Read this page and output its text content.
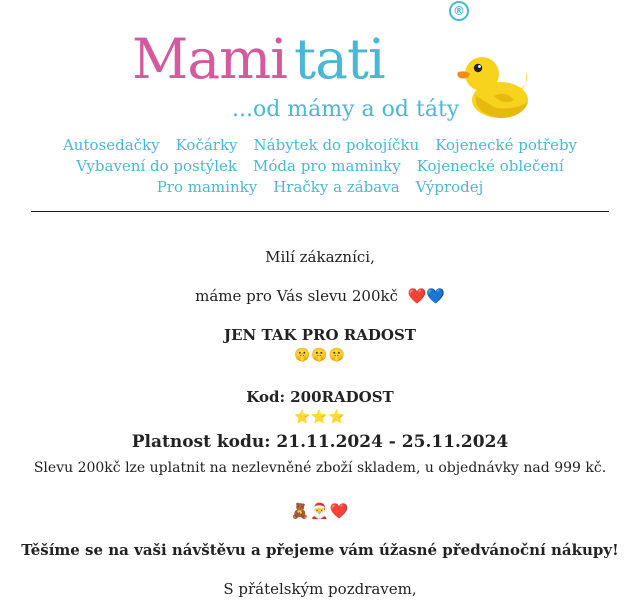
Mami tati
...od mámy a od táty
®
Autosedačky Kočárky Nábytek do pokojíčku Kojenecké potřeby
Vybavení do postýlek Móda pro maminky Kojenecké oblečení
Pro maminky Hračky a zábava Výprodej
Milí zákazníci,
máme pro Vás slevu 200kč ❤️💙
JEN TAK PRO RADOST
🤫🤫🤫
Kod: 200RADOST
⭐⭐⭐
Platnost kodu: 21.11.2024 - 25.11.2024
Slevu 200kč lze uplatnit na nezlevněné zboží skladem, u objednávky nad 999 kč.
🧸🎅❤️
Těšíme se na vaši návštěvu a přejeme vám úžasné předvánoční nákupy!
S přátelským pozdravem,
